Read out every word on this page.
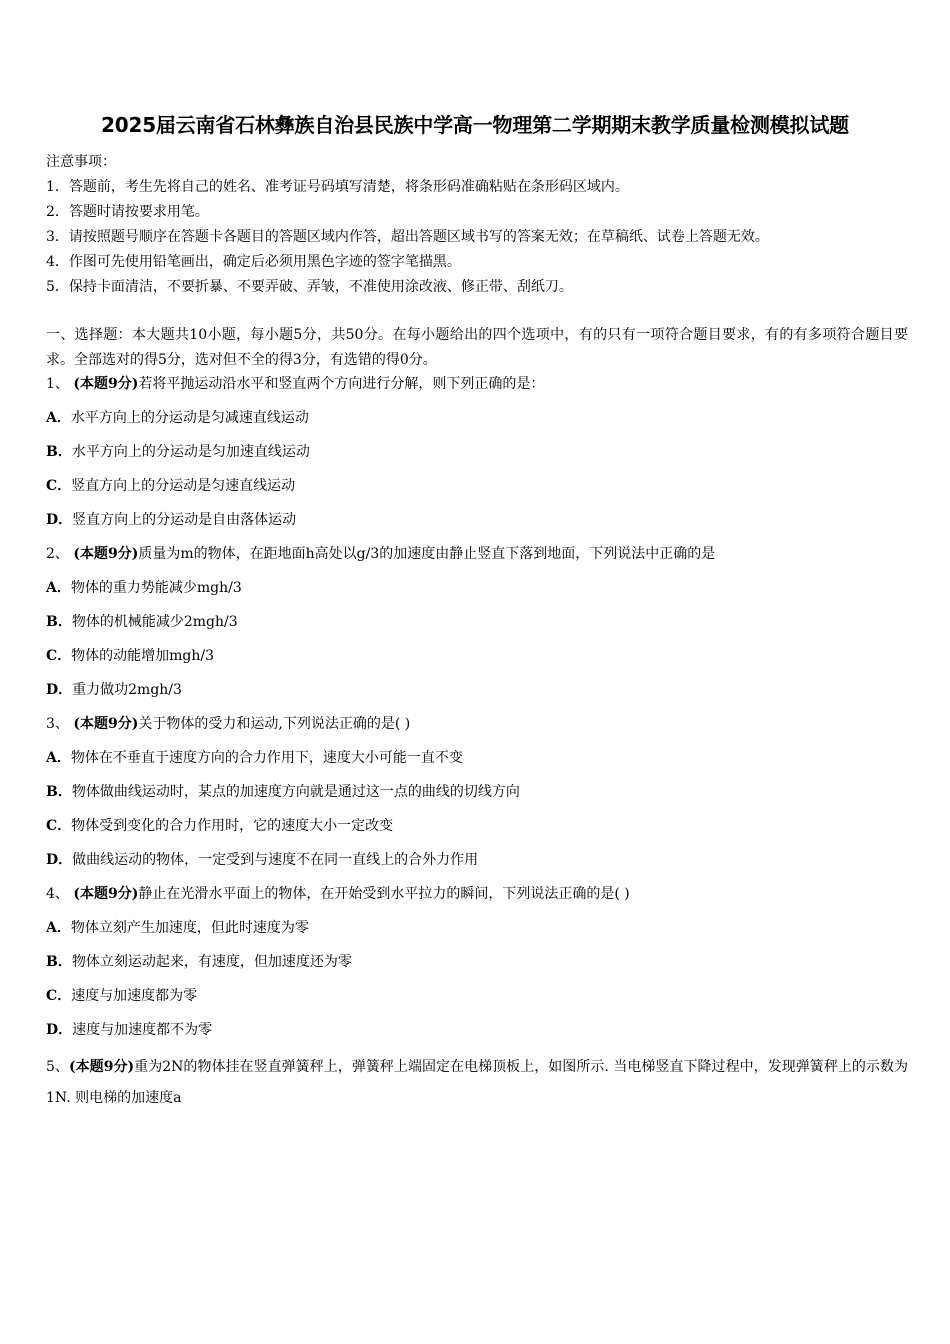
2025届云南省石林彝族自治县民族中学高一物理第二学期期末教学质量检测模拟试题
注意事项：
1．答题前，考生先将自己的姓名、准考证号码填写清楚，将条形码准确粘贴在条形码区域内。
2．答题时请按要求用笔。
3．请按照题号顺序在答题卡各题目的答题区域内作答，超出答题区域书写的答案无效；在草稿纸、试卷上答题无效。
4．作图可先使用铅笔画出，确定后必须用黑色字迹的签字笔描黑。
5．保持卡面清洁，不要折暴、不要弄破、弄皱，不准使用涂改液、修正带、刮纸刀。
一、选择题：本大题共10小题，每小题5分，共50分。在每小题给出的四个选项中，有的只有一项符合题目要求，有的有多项符合题目要求。全部选对的得5分，选对但不全的得3分，有选错的得0分。
1、 (本题9分)若将平抛运动沿水平和竖直两个方向进行分解，则下列正确的是：
A．水平方向上的分运动是匀减速直线运动
B．水平方向上的分运动是匀加速直线运动
C．竖直方向上的分运动是匀速直线运动
D．竖直方向上的分运动是自由落体运动
2、 (本题9分)质量为m的物体，在距地面h高处以g/3的加速度由静止竖直下落到地面，下列说法中正确的是
A．物体的重力势能减少mgh/3
B．物体的机械能减少2mgh/3
C．物体的动能增加mgh/3
D．重力做功2mgh/3
3、 (本题9分)关于物体的受力和运动,下列说法正确的是( )
A．物体在不垂直于速度方向的合力作用下，速度大小可能一直不变
B．物体做曲线运动时，某点的加速度方向就是通过这一点的曲线的切线方向
C．物体受到变化的合力作用时，它的速度大小一定改变
D．做曲线运动的物体，一定受到与速度不在同一直线上的合外力作用
4、 (本题9分)静止在光滑水平面上的物体，在开始受到水平拉力的瞬间，下列说法正确的是( )
A．物体立刻产生加速度，但此时速度为零
B．物体立刻运动起来，有速度，但加速度还为零
C．速度与加速度都为零
D．速度与加速度都不为零
5、(本题9分)重为2N的物体挂在竖直弹簧秤上，弹簧秤上端固定在电梯顶板上，如图所示. 当电梯竖直下降过程中，发现弹簧秤上的示数为1N. 则电梯的加速度a
